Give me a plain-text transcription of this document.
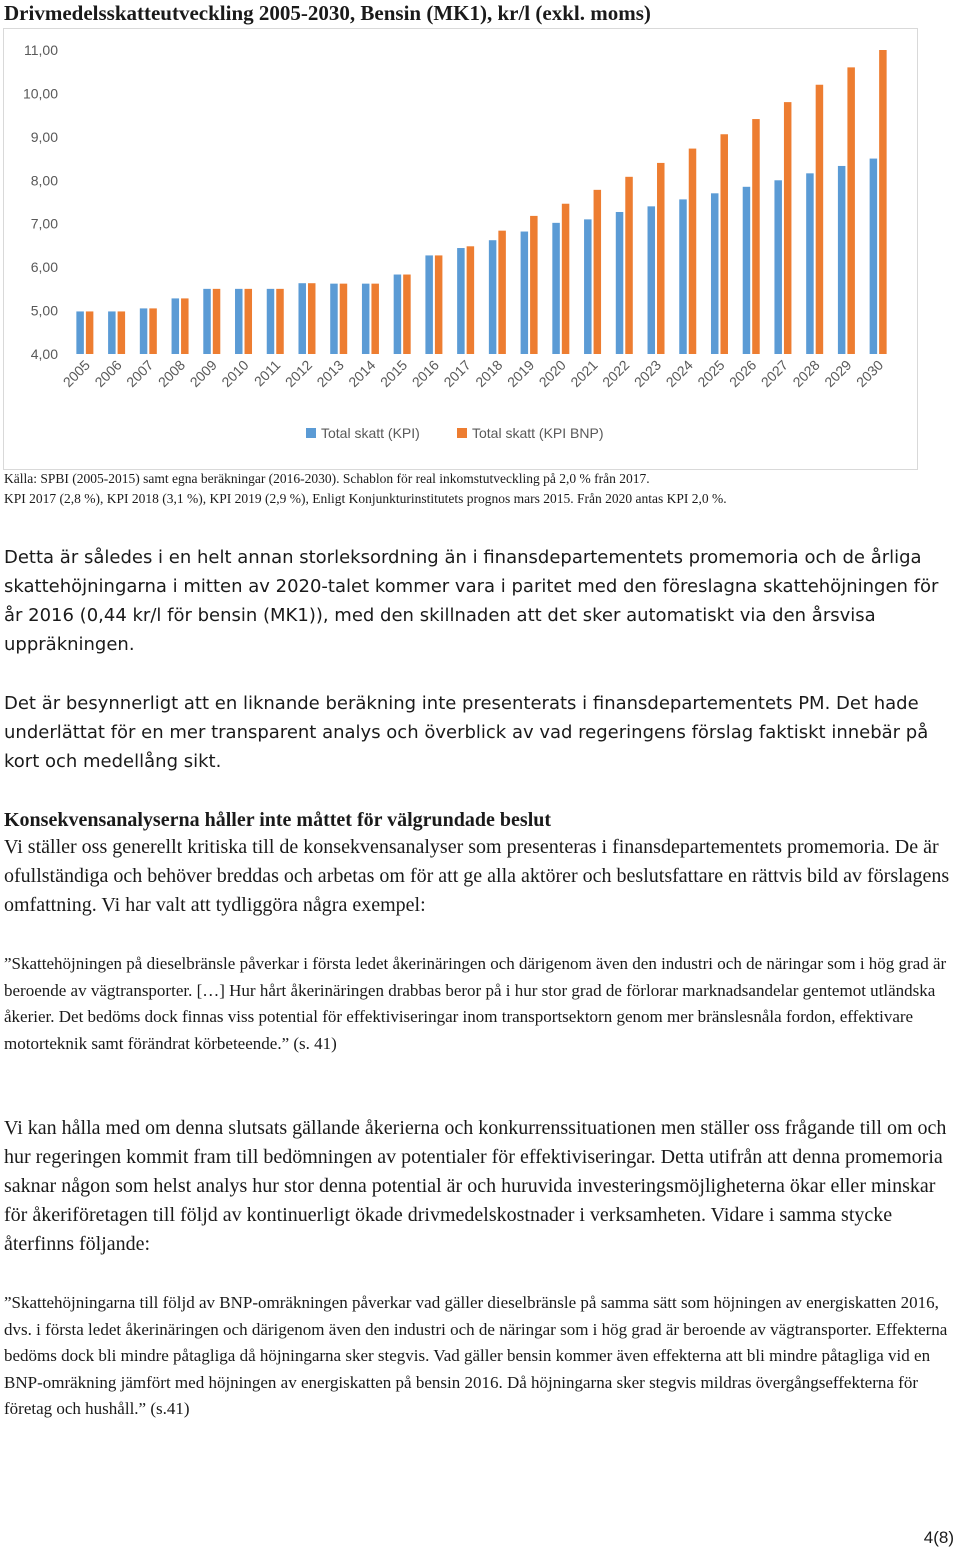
Drivmedelsskatteutveckling 2005-2030, Bensin (MK1), kr/l (exkl. moms)
4,00
5,00
6,00
7,00
8,00
9,00
10,00
11,00
2005
2006
2007
2008
2009
2010 2011
2012
2013
2014
2015
2016
2017
2018
2019
2020
2021
2022
2023
2024
2025
2026
2027
2028
2029
2030
Total skatt (KPI)	Total skatt (KPI BNP)
Källa: SPBI (2005-2015) samt egna beräkningar (2016-2030). Schablon för real inkomstutveckling på 2,0 % från 2017.
KPI 2017 (2,8 %), KPI 2018 (3,1 %), KPI 2019 (2,9 %), Enligt Konjunkturinstitutets prognos mars 2015. Från 2020 antas KPI 2,0 %.

Detta är således i en helt annan storleksordning än i finansdepartementets promemoria och de årliga skattehöjningarna i mitten av 2020-talet kommer vara i paritet med den föreslagna skattehöjningen för år 2016 (0,44 kr/l för bensin (MK1)), med den skillnaden att det sker automatiskt via den årsvisa uppräkningen.

Det är besynnerligt att en liknande beräkning inte presenterats i finansdepartementets PM. Det hade underlättat för en mer transparent analys och överblick av vad regeringens förslag faktiskt innebär på kort och medellång sikt.

Konsekvensanalyserna håller inte måttet för välgrundade beslut

Vi ställer oss generellt kritiska till de konsekvensanalyser som presenteras i finansdepartementets promemoria. De är ofullständiga och behöver breddas och arbetas om för att ge alla aktörer och beslutsfattare en rättvis bild av förslagens omfattning. Vi har valt att tydliggöra några exempel:

”Skattehöjningen på dieselbränsle påverkar i första ledet åkerinäringen och därigenom även den industri och de näringar som i hög grad är beroende av vägtransporter. […] Hur hårt åkerinäringen drabbas beror på i hur stor grad de förlorar marknadsandelar gentemot utländska åkerier. Det bedöms dock finnas viss potential för effektiviseringar inom transportsektorn genom mer bränslesnåla fordon, effektivare motorteknik samt förändrat körbeteende.” (s. 41)

Vi kan hålla med om denna slutsats gällande åkerierna och konkurrenssituationen men ställer oss frågande till om och hur regeringen kommit fram till bedömningen av potentialer för effektiviseringar. Detta utifrån att denna promemoria saknar någon som helst analys hur stor denna potential är och huruvida investeringsmöjligheterna ökar eller minskar för åkeriföretagen till följd av kontinuerligt ökade drivmedelskostnader i verksamheten. Vidare i samma stycke återfinns följande:

”Skattehöjningarna till följd av BNP-omräkningen påverkar vad gäller dieselbränsle på samma sätt som höjningen av energiskatten 2016, dvs. i första ledet åkerinäringen och därigenom även den industri och de näringar som i hög grad är beroende av vägtransporter. Effekterna bedöms dock bli mindre påtagliga då höjningarna sker stegvis. Vad gäller bensin kommer även effekterna att bli mindre påtagliga vid en BNP-omräkning jämfört med höjningen av energiskatten på bensin 2016. Då höjningarna sker stegvis mildras övergångseffekterna för företag och hushåll.” (s.41)

4(8)
